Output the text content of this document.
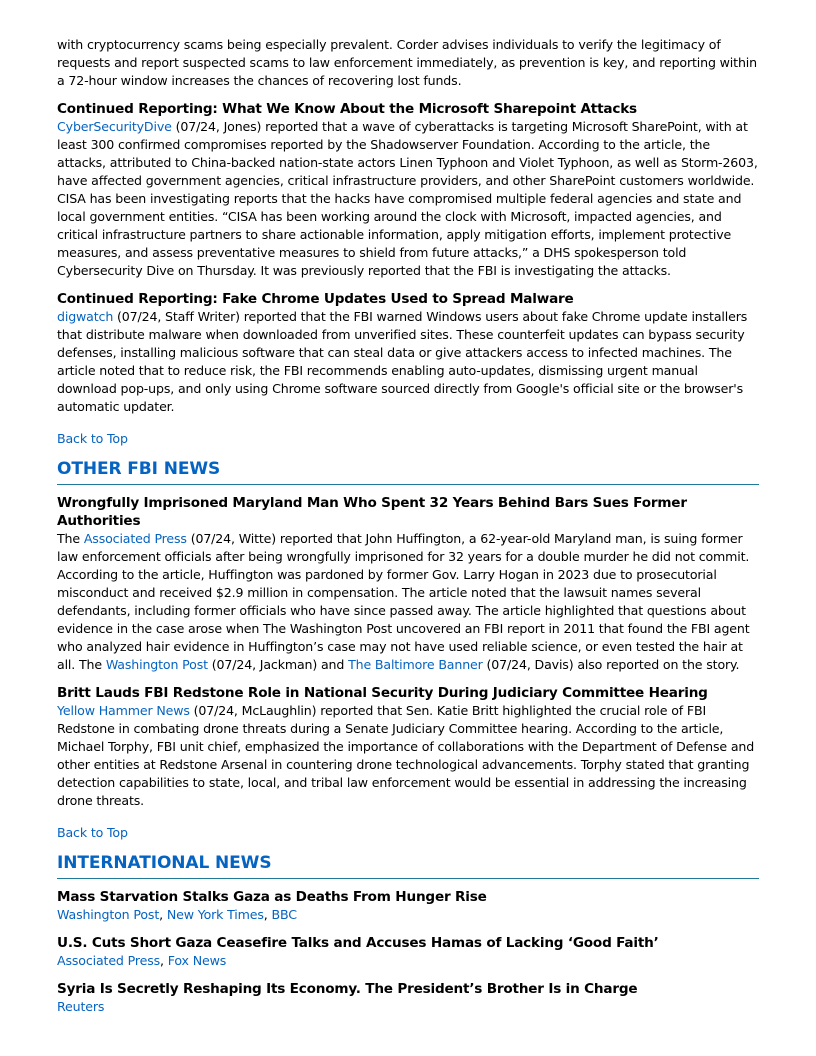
with cryptocurrency scams being especially prevalent. Corder advises individuals to verify the legitimacy of requests and report suspected scams to law enforcement immediately, as prevention is key, and reporting within a 72-hour window increases the chances of recovering lost funds.

Continued Reporting: What We Know About the Microsoft Sharepoint Attacks

CyberSecurityDive (07/24, Jones) reported that a wave of cyberattacks is targeting Microsoft SharePoint, with at least 300 confirmed compromises reported by the Shadowserver Foundation. According to the article, the attacks, attributed to China-backed nation-state actors Linen Typhoon and Violet Typhoon, as well as Storm-2603, have affected government agencies, critical infrastructure providers, and other SharePoint customers worldwide. CISA has been investigating reports that the hacks have compromised multiple federal agencies and state and local government entities. “CISA has been working around the clock with Microsoft, impacted agencies, and critical infrastructure partners to share actionable information, apply mitigation efforts, implement protective measures, and assess preventative measures to shield from future attacks,” a DHS spokesperson told Cybersecurity Dive on Thursday. It was previously reported that the FBI is investigating the attacks.

Continued Reporting: Fake Chrome Updates Used to Spread Malware

digwatch (07/24, Staff Writer) reported that the FBI warned Windows users about fake Chrome update installers that distribute malware when downloaded from unverified sites. These counterfeit updates can bypass security defenses, installing malicious software that can steal data or give attackers access to infected machines. The article noted that to reduce risk, the FBI recommends enabling auto-updates, dismissing urgent manual download pop-ups, and only using Chrome software sourced directly from Google's official site or the browser's automatic updater.

Back to Top
OTHER FBI NEWS

Wrongfully Imprisoned Maryland Man Who Spent 32 Years Behind Bars Sues Former Authorities

The Associated Press (07/24, Witte) reported that John Huffington, a 62-year-old Maryland man, is suing former law enforcement officials after being wrongfully imprisoned for 32 years for a double murder he did not commit. According to the article, Huffington was pardoned by former Gov. Larry Hogan in 2023 due to prosecutorial misconduct and received $2.9 million in compensation. The article noted that the lawsuit names several defendants, including former officials who have since passed away. The article highlighted that questions about evidence in the case arose when The Washington Post uncovered an FBI report in 2011 that found the FBI agent who analyzed hair evidence in Huffington’s case may not have used reliable science, or even tested the hair at all. The Washington Post (07/24, Jackman) and The Baltimore Banner (07/24, Davis) also reported on the story.

Britt Lauds FBI Redstone Role in National Security During Judiciary Committee Hearing

Yellow Hammer News (07/24, McLaughlin) reported that Sen. Katie Britt highlighted the crucial role of FBI Redstone in combating drone threats during a Senate Judiciary Committee hearing. According to the article, Michael Torphy, FBI unit chief, emphasized the importance of collaborations with the Department of Defense and other entities at Redstone Arsenal in countering drone technological advancements. Torphy stated that granting detection capabilities to state, local, and tribal law enforcement would be essential in addressing the increasing drone threats.

Back to Top
INTERNATIONAL NEWS

Mass Starvation Stalks Gaza as Deaths From Hunger Rise

Washington Post, New York Times, BBC

U.S. Cuts Short Gaza Ceasefire Talks and Accuses Hamas of Lacking ‘Good Faith’

Associated Press, Fox News

Syria Is Secretly Reshaping Its Economy. The President’s Brother Is in Charge

Reuters
